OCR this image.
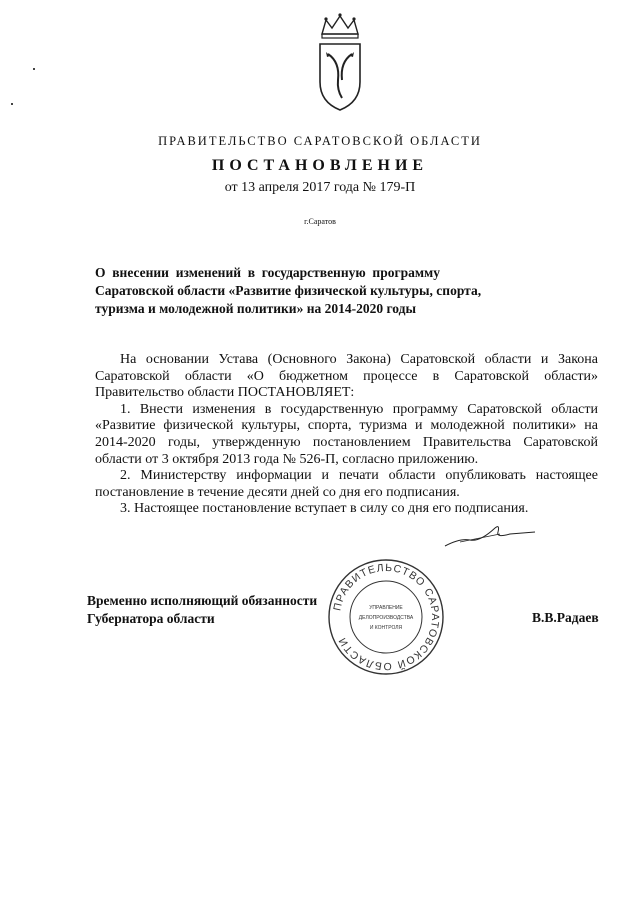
ПРАВИТЕЛЬСТВО САРАТОВСКОЙ ОБЛАСТИ
ПОСТАНОВЛЕНИЕ
от 13 апреля 2017 года № 179-П
г.Саратов
О  внесении  изменений  в  государственную  программу
Саратовской области «Развитие физической культуры, спорта,
туризма и молодежной политики» на 2014-2020 годы

На основании Устава (Основного Закона) Саратовской области и Закона Саратовской области «О бюджетном процессе в Саратовской области» Правительство области ПОСТАНОВЛЯЕТ:

1. Внести изменения в государственную программу Саратовской области «Развитие физической культуры, спорта, туризма и молодежной политики» на 2014-2020 годы, утвержденную постановлением Правительства Саратовской области от 3 октября 2013 года № 526-П, согласно приложению.

2. Министерству информации и печати области опубликовать настоящее постановление в течение десяти дней со дня его подписания.

3. Настоящее постановление вступает в силу со дня его подписания.

Временно исполняющий обязанности
Губернатора области	В.В.Радаев
ПРАВИТЕЛЬСТВО САРАТОВСКОЙ ОБЛАСТИ
УПРАВЛЕНИЕ
ДЕЛОПРОИЗВОДСТВА
И КОНТРОЛЯ
